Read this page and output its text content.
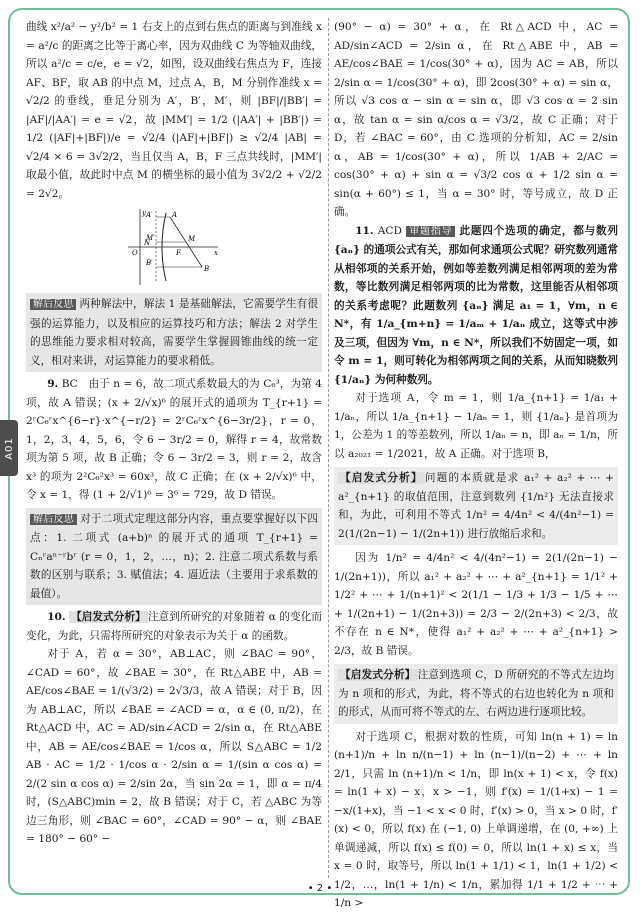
A01

曲线 x²/a² − y²/b² = 1 右支上的点到右焦点的距离与到准线 x = a²/c 的距离之比等于离心率，因为双曲线 C 为等轴双曲线，所以 a²/c = c/e，e = √2，如图，设双曲线右焦点为 F，连接 AF、BF，取 AB 的中点 M，过点 A，B，M 分别作准线 x = √2/2 的垂线，垂足分别为 A′，B′，M′，则 |BF|/|BB′| = |AF|/|AA′| = e = √2，故 |MM′| = 1/2 (|AA′| + |BB′|) = 1/2 (|AF|+|BF|)/e = √2/4 (|AF|+|BF|) ≥ √2/4 |AB| = √2/4 × 6 = 3√2/2，当且仅当 A，B，F 三点共线时，|MM′| 取最小值，故此时中点 M 的横坐标的最小值为 3√2/2 + √2/2 = 2√2。

y
x
O
A
B
M
N
F
A′
M′
B′

解后反思 两种解法中，解法 1 是基础解法，它需要学生有很强的运算能力，以及相应的运算技巧和方法；解法 2 对学生的思维能力要求相对较高，需要学生掌握圆锥曲线的统一定义，相对来讲，对运算能力的要求稍低。

9. BC　由于 n = 6，故二项式系数最大的为 C₆³，为第 4 项，故 A 错误；(x + 2/√x)⁶ 的展开式的通项为 T_{r+1} = 2ʳC₆ʳx^{6−r}·x^{−r/2} = 2ʳC₆ʳx^{6−3r/2}，r = 0，1，2，3，4，5，6，令 6 − 3r/2 = 0，解得 r = 4，故常数项为第 5 项，故 B 正确；令 6 − 3r/2 = 3，则 r = 2，故含 x³ 的项为 2²C₆²x³ = 60x³，故 C 正确；在 (x + 2/√x)⁶ 中，令 x = 1，得 (1 + 2/√1)⁶ = 3⁶ = 729，故 D 错误。

解后反思 对于二项式定理这部分内容，重点要掌握好以下四点：1. 二项式 (a+b)ⁿ 的展开式的通项 T_{r+1} = Cₙʳaⁿ⁻ʳbʳ (r = 0，1，2，…，n)；2. 注意二项式系数与系数的区别与联系；3. 赋值法；4. 逼近法（主要用于求系数的最值）。

10. 【启发式分析】 注意到所研究的对象随着 α 的变化而变化，为此，只需将所研究的对象表示为关于 α 的函数。

对于 A，若 α = 30°，AB⊥AC，则 ∠BAC = 90°，∠CAD = 60°，故 ∠BAE = 30°，在 Rt△ABE 中，AB = AE/cos∠BAE = 1/(√3/2) = 2√3/3，故 A 错误；对于 B，因为 AB⊥AC，所以 ∠BAE = ∠ACD = α，α ∈ (0, π/2)，在 Rt△ACD 中，AC = AD/sin∠ACD = 2/sin α，在 Rt△ABE 中，AB = AE/cos∠BAE = 1/cos α，所以 S△ABC = 1/2 AB · AC = 1/2 · 1/cos α · 2/sin α = 1/(sin α cos α) = 2/(2 sin α cos α) = 2/sin 2α，当 sin 2α = 1，即 α = π/4 时，(S△ABC)min = 2，故 B 错误；对于 C，若 △ABC 为等边三角形，则 ∠BAC = 60°，∠CAD = 90° − α，则 ∠BAE = 180° − 60° −

(90° − α) = 30° + α，在 Rt△ACD 中，AC = AD/sin∠ACD = 2/sin α，在 Rt△ABE 中，AB = AE/cos∠BAE = 1/cos(30° + α)，因为 AC = AB，所以 2/sin α = 1/cos(30° + α)，即 2cos(30° + α) = sin α，所以 √3 cos α − sin α = sin α，即 √3 cos α = 2 sin α，故 tan α = sin α/cos α = √3/2，故 C 正确；对于 D，若 ∠BAC = 60°，由 C 选项的分析知，AC = 2/sin α，AB = 1/cos(30° + α)，所以 1/AB + 2/AC = cos(30° + α) + sin α = √3/2 cos α + 1/2 sin α = sin(α + 60°) ≤ 1，当 α = 30° 时，等号成立，故 D 正确。

11. ACD 审题指导 此题四个选项的确定，都与数列 {aₙ} 的通项公式有关，那如何求通项公式呢？研究数列通常从相邻项的关系开始，例如等差数列满足相邻两项的差为常数，等比数列满足相邻两项的比为常数，这里能否从相邻项的关系考虑呢？此题数列 {aₙ} 满足 a₁ = 1，∀m，n ∈ N*，有 1/a_{m+n} = 1/aₘ + 1/aₙ 成立，这等式中涉及三项，但因为 ∀m，n ∈ N*，所以我们不妨固定一项，如令 m = 1，则可转化为相邻两项之间的关系，从而知晓数列 {1/aₙ} 为何种数列。

对于选项 A，令 m = 1，则 1/a_{n+1} = 1/a₁ + 1/aₙ，所以 1/a_{n+1} − 1/aₙ = 1，则 {1/aₙ} 是首项为 1，公差为 1 的等差数列，所以 1/aₙ = n，即 aₙ = 1/n，所以 a₂₀₂₁ = 1/2021，故 A 正确。对于选项 B，

【启发式分析】 问题的本质就是求 a₁² + a₂² + ⋯ + a²_{n+1} 的取值范围，注意到数列 {1/n²} 无法直接求和，为此，可利用不等式 1/n² = 4/4n² < 4/(4n²−1) = 2(1/(2n−1) − 1/(2n+1)) 进行放缩后求和。

因为 1/n² = 4/4n² < 4/(4n²−1) = 2(1/(2n−1) − 1/(2n+1))，所以 a₁² + a₂² + ⋯ + a²_{n+1} = 1/1² + 1/2² + ⋯ + 1/(n+1)² < 2(1/1 − 1/3 + 1/3 − 1/5 + ⋯ + 1/(2n+1) − 1/(2n+3)) = 2/3 − 2/(2n+3) < 2/3，故不存在 n ∈ N*，使得 a₁² + a₂² + ⋯ + a²_{n+1} > 2/3，故 B 错误。

【启发式分析】 注意到选项 C，D 所研究的不等式左边均为 n 项和的形式，为此，将不等式的右边也转化为 n 项和的形式，从而可将不等式的左、右两边进行逐项比较。

对于选项 C，根据对数的性质，可知 ln(n + 1) = ln (n+1)/n + ln n/(n−1) + ln (n−1)/(n−2) + ⋯ + ln 2/1，只需 ln (n+1)/n < 1/n，即 ln(x + 1) < x，令 f(x) = ln(1 + x) − x，x > −1，则 f′(x) = 1/(1+x) − 1 = −x/(1+x)，当 −1 < x < 0 时，f′(x) > 0，当 x > 0 时，f′(x) < 0，所以 f(x) 在 (−1, 0) 上单调递增，在 (0, +∞) 上单调递减，所以 f(x) ≤ f(0) = 0，所以 ln(1 + x) ≤ x，当 x = 0 时，取等号，所以 ln(1 + 1/1) < 1，ln(1 + 1/2) < 1/2，…，ln(1 + 1/n) < 1/n，累加得 1/1 + 1/2 + ⋯ + 1/n >

• 2 •
